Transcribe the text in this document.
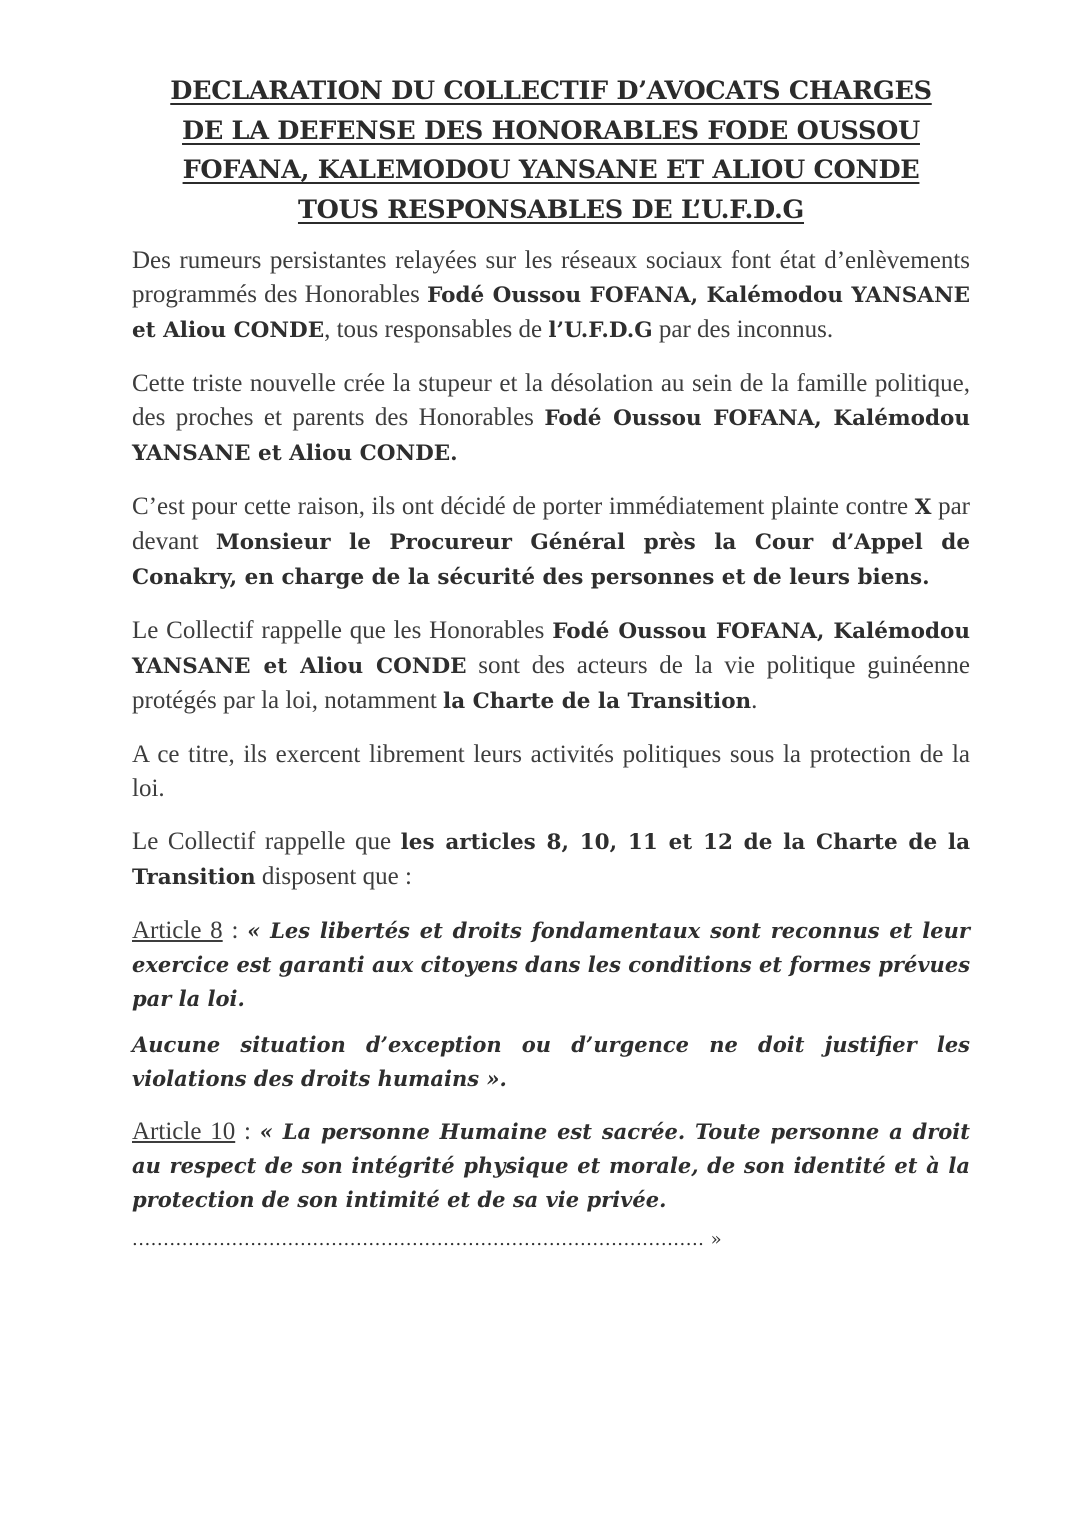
DECLARATION DU COLLECTIF D’AVOCATS CHARGES
DE LA DEFENSE DES HONORABLES FODE OUSSOU
FOFANA, KALEMODOU YANSANE ET ALIOU CONDE
TOUS RESPONSABLES DE L’U.F.D.G

Des rumeurs persistantes relayées sur les réseaux sociaux font état d’enlèvements programmés des Honorables Fodé Oussou FOFANA, Kalémodou YANSANE et Aliou CONDE, tous responsables de l’U.F.D.G par des inconnus.

Cette triste nouvelle crée la stupeur et la désolation au sein de la famille politique, des proches et parents des Honorables Fodé Oussou FOFANA, Kalémodou YANSANE et Aliou CONDE.

C’est pour cette raison, ils ont décidé de porter immédiatement plainte contre X par devant Monsieur le Procureur Général près la Cour d’Appel de Conakry, en charge de la sécurité des personnes et de leurs biens.

Le Collectif rappelle que les Honorables Fodé Oussou FOFANA, Kalémodou YANSANE et Aliou CONDE sont des acteurs de la vie politique guinéenne protégés par la loi, notamment la Charte de la Transition.

A ce titre, ils exercent librement leurs activités politiques sous la protection de la loi.

Le Collectif rappelle que les articles 8, 10, 11 et 12 de la Charte de la Transition disposent que :

Article 8 : « Les libertés et droits fondamentaux sont reconnus et leur exercice est garanti aux citoyens dans les conditions et formes prévues par la loi.

Aucune situation d’exception ou d’urgence ne doit justifier les violations des droits humains ».

Article 10 : « La personne Humaine est sacrée. Toute personne a droit au respect de son intégrité physique et morale, de son identité et à la protection de son intimité et de sa vie privée.

............................................................................................ »
